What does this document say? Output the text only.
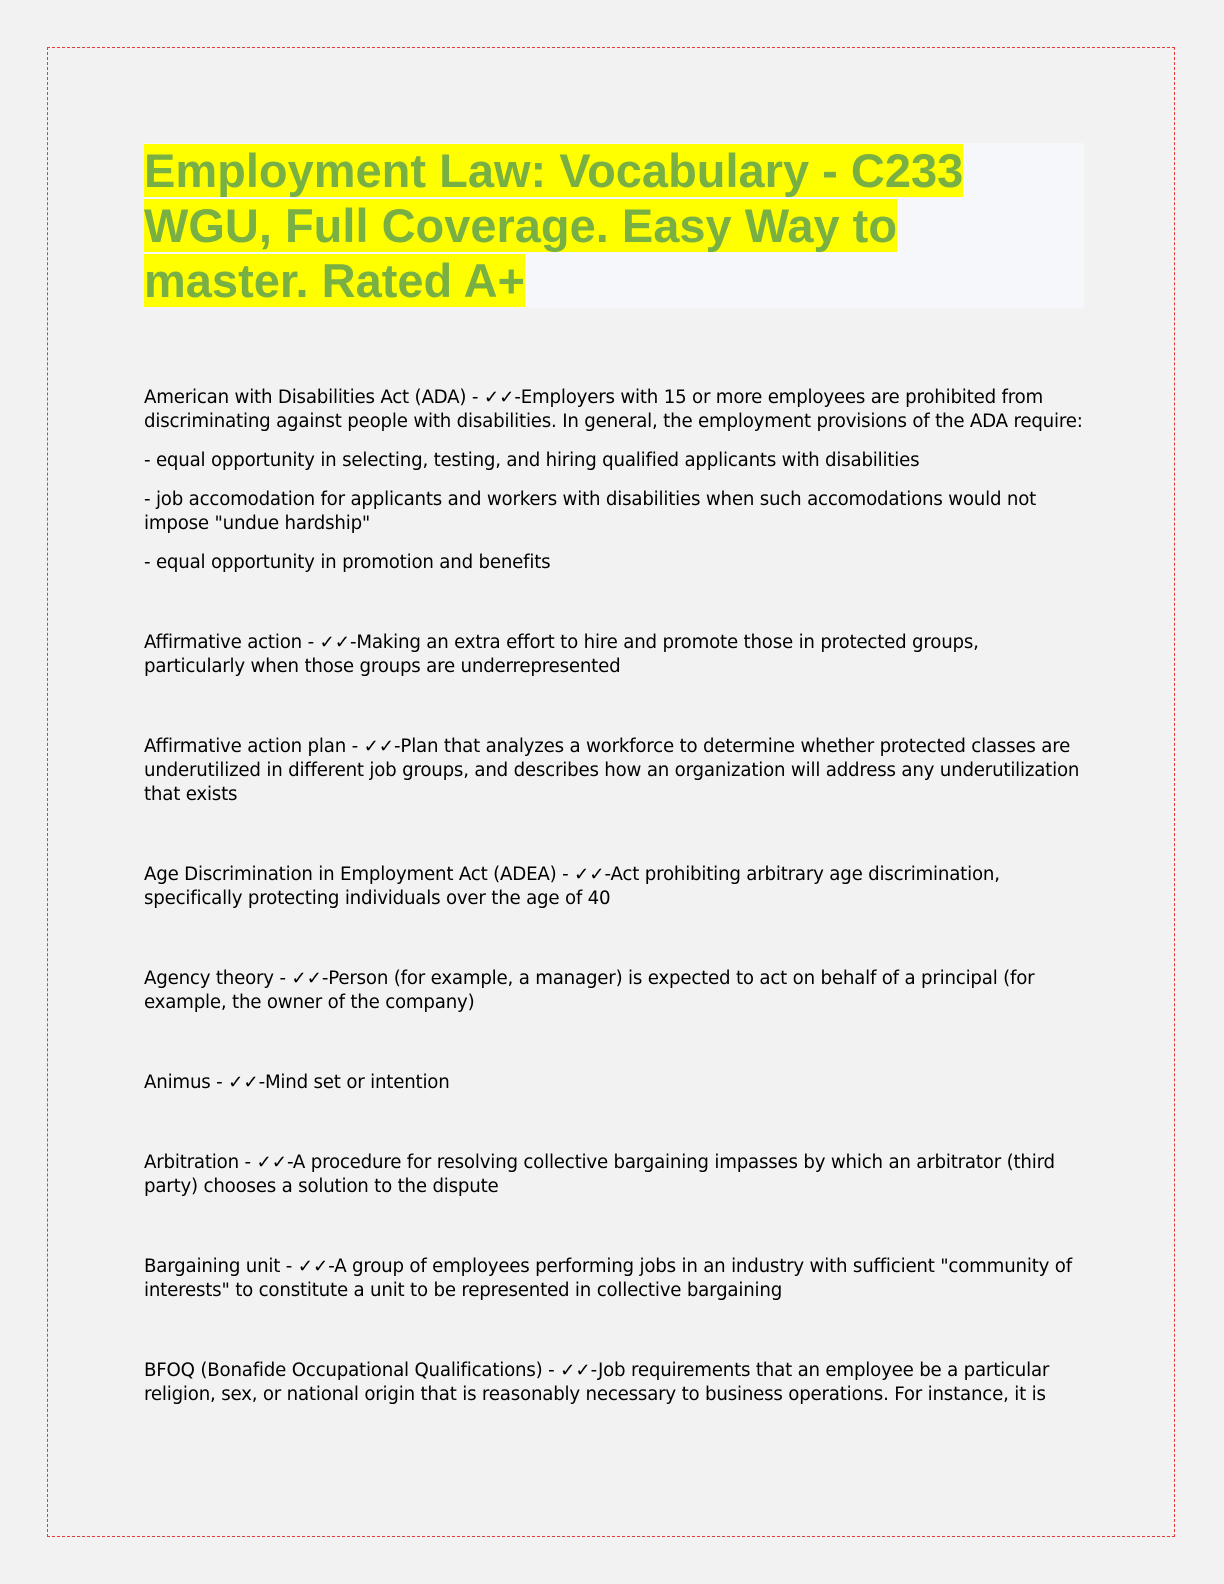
Employment Law: Vocabulary - C233 WGU, Full Coverage. Easy Way to master. Rated A+

American with Disabilities Act (ADA) - ✓✓-Employers with 15 or more employees are prohibited from discriminating against people with disabilities. In general, the employment provisions of the ADA require:

- equal opportunity in selecting, testing, and hiring qualified applicants with disabilities

- job accomodation for applicants and workers with disabilities when such accomodations would not impose "undue hardship"

- equal opportunity in promotion and benefits

Affirmative action - ✓✓-Making an extra effort to hire and promote those in protected groups, particularly when those groups are underrepresented

Affirmative action plan - ✓✓-Plan that analyzes a workforce to determine whether protected classes are underutilized in different job groups, and describes how an organization will address any underutilization that exists

Age Discrimination in Employment Act (ADEA) - ✓✓-Act prohibiting arbitrary age discrimination, specifically protecting individuals over the age of 40

Agency theory - ✓✓-Person (for example, a manager) is expected to act on behalf of a principal (for example, the owner of the company)

Animus - ✓✓-Mind set or intention

Arbitration - ✓✓-A procedure for resolving collective bargaining impasses by which an arbitrator (third party) chooses a solution to the dispute

Bargaining unit - ✓✓-A group of employees performing jobs in an industry with sufficient "community of interests" to constitute a unit to be represented in collective bargaining

BFOQ (Bonafide Occupational Qualifications) - ✓✓-Job requirements that an employee be a particular religion, sex, or national origin that is reasonably necessary to business operations. For instance, it is
